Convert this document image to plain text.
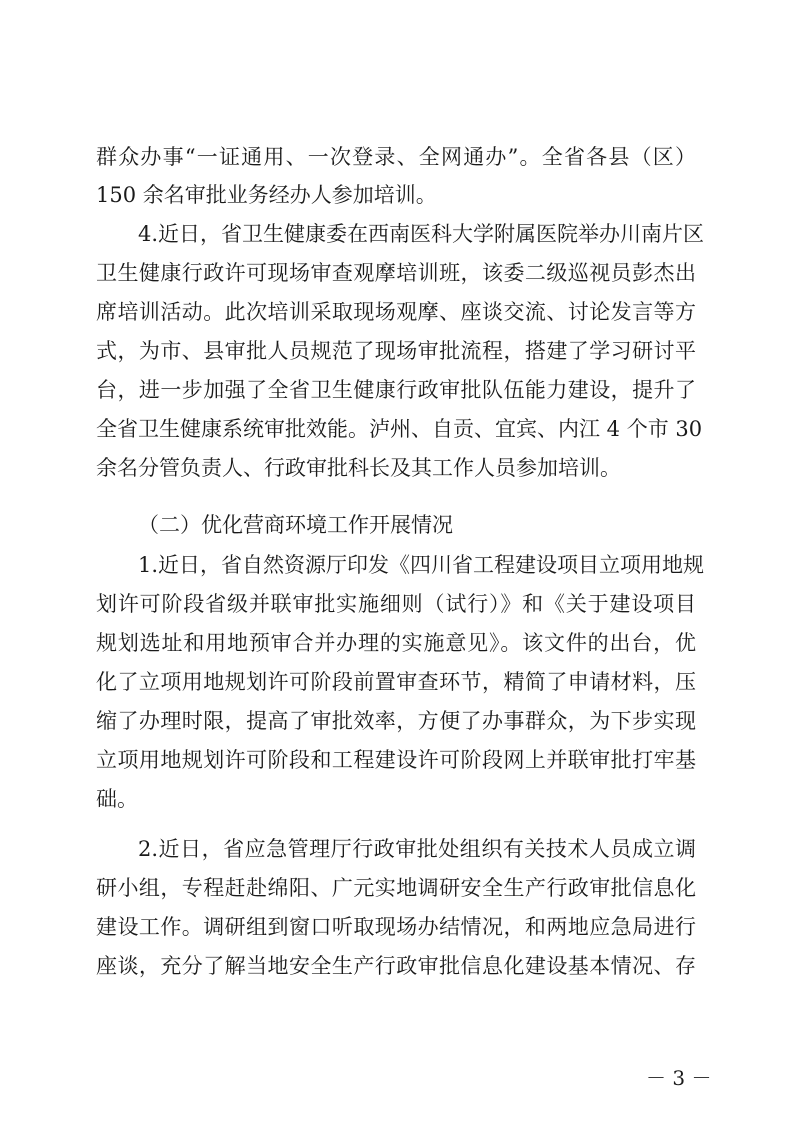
群众办事“一证通用、一次登录、全网通办”。全省各县（区）
150 余名审批业务经办人参加培训。
4.近日，省卫生健康委在西南医科大学附属医院举办川南片区
卫生健康行政许可现场审查观摩培训班，该委二级巡视员彭杰出
席培训活动。此次培训采取现场观摩、座谈交流、讨论发言等方
式，为市、县审批人员规范了现场审批流程，搭建了学习研讨平
台，进一步加强了全省卫生健康行政审批队伍能力建设，提升了
全省卫生健康系统审批效能。泸州、自贡、宜宾、内江 4 个市 30
余名分管负责人、行政审批科长及其工作人员参加培训。
（二）优化营商环境工作开展情况
1.近日，省自然资源厅印发《四川省工程建设项目立项用地规
划许可阶段省级并联审批实施细则（试行）》和《关于建设项目
规划选址和用地预审合并办理的实施意见》。该文件的出台，优
化了立项用地规划许可阶段前置审查环节，精简了申请材料，压
缩了办理时限，提高了审批效率，方便了办事群众，为下步实现
立项用地规划许可阶段和工程建设许可阶段网上并联审批打牢基
础。
2.近日，省应急管理厅行政审批处组织有关技术人员成立调
研小组，专程赶赴绵阳、广元实地调研安全生产行政审批信息化
建设工作。调研组到窗口听取现场办结情况，和两地应急局进行
座谈，充分了解当地安全生产行政审批信息化建设基本情况、存
－ 3 －
